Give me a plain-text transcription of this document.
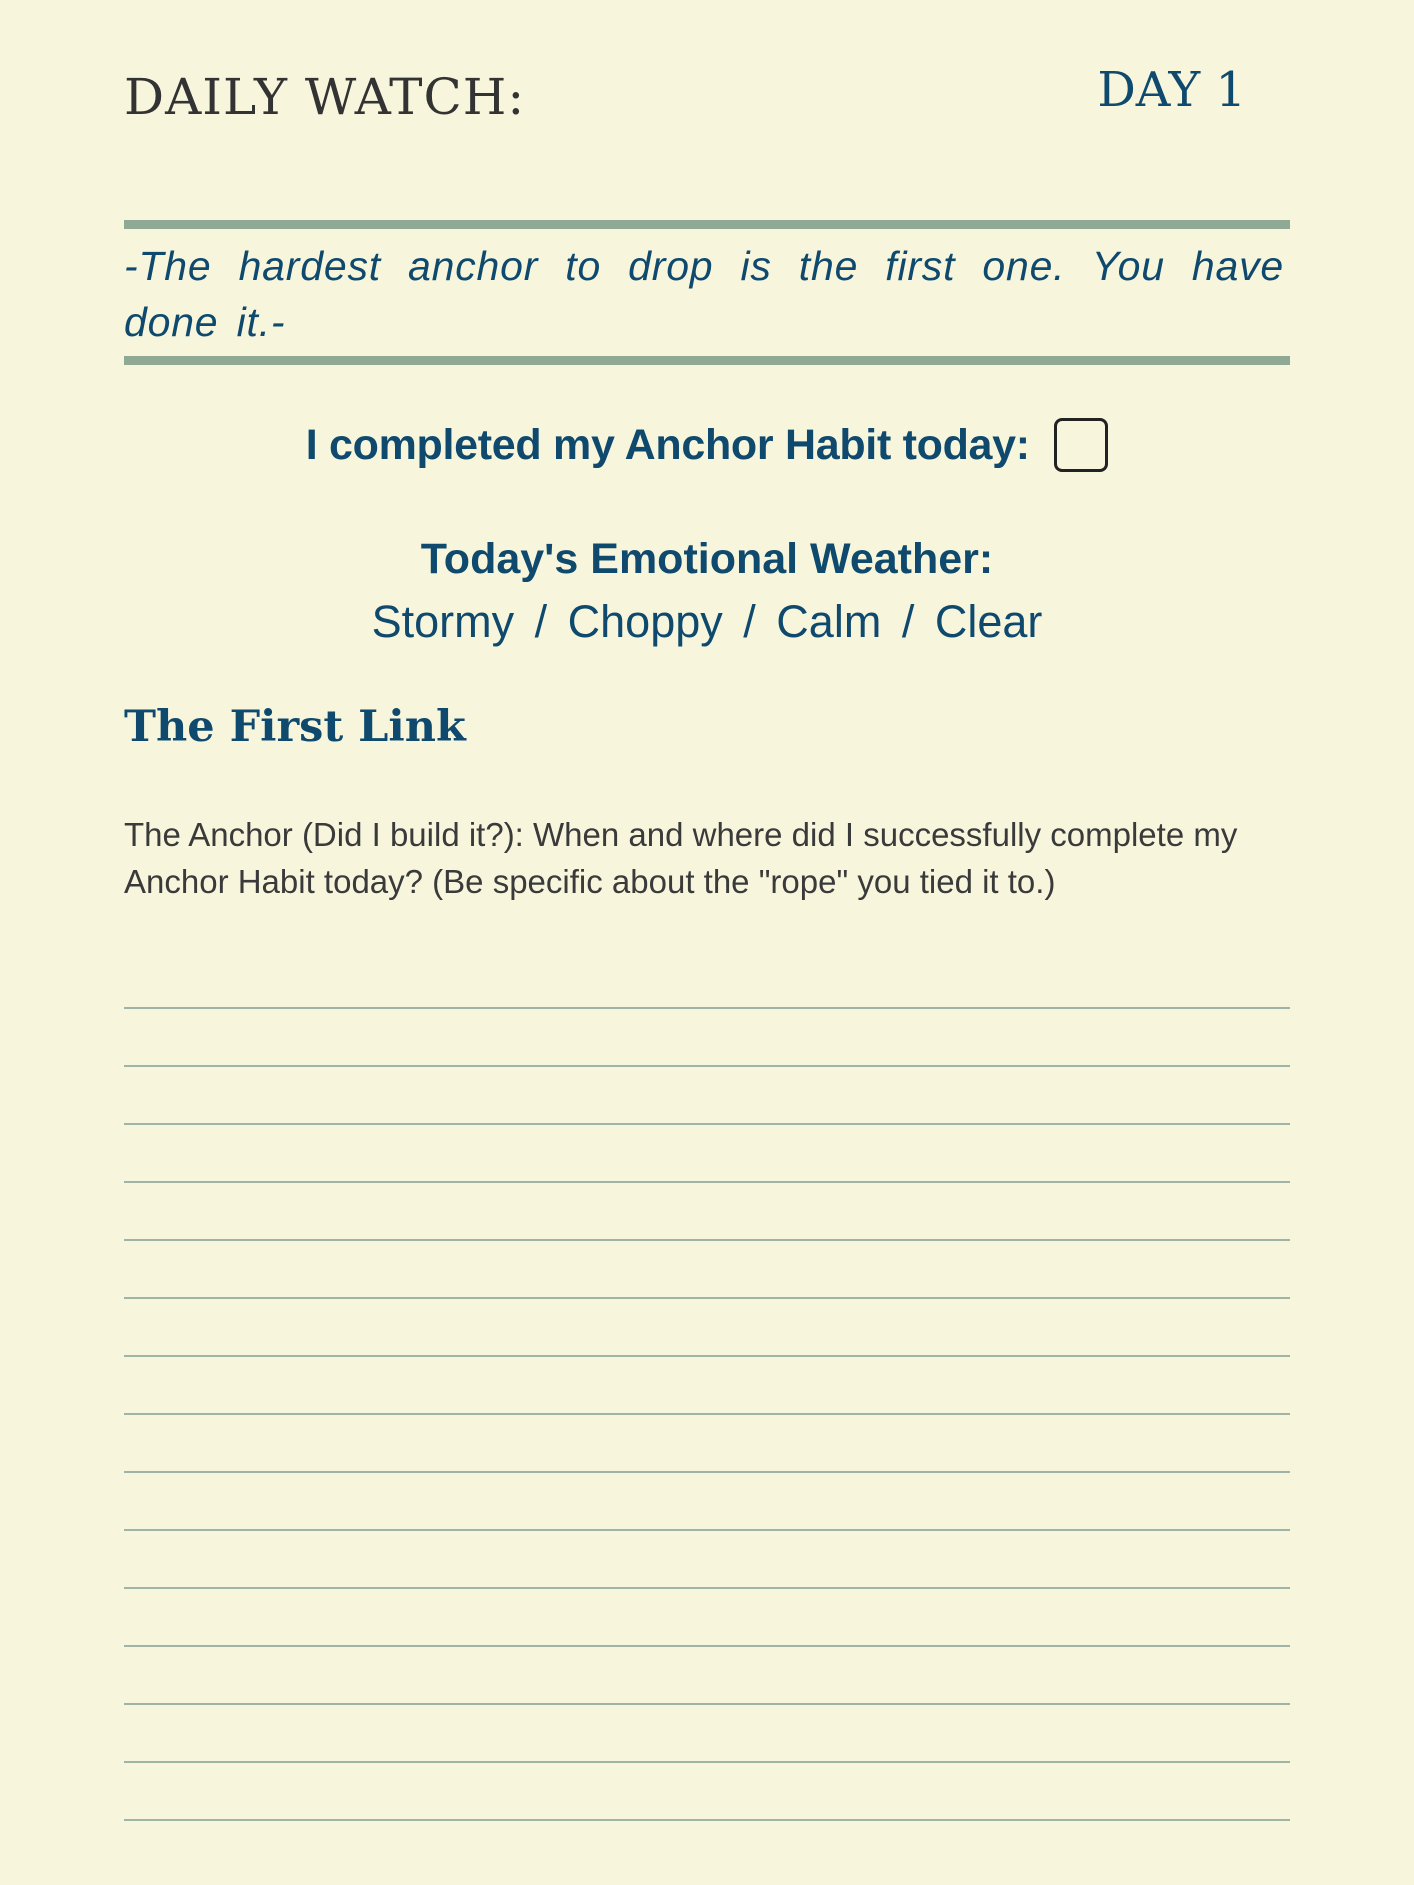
DAILY WATCH:	DAY 1
-The hardest anchor to drop is the first one. You have done it.-
I completed my Anchor Habit today:
Today's Emotional Weather:
Stormy / Choppy / Calm / Clear
The First Link
The Anchor (Did I build it?): When and where did I successfully complete my Anchor Habit today? (Be specific about the "rope" you tied it to.)
